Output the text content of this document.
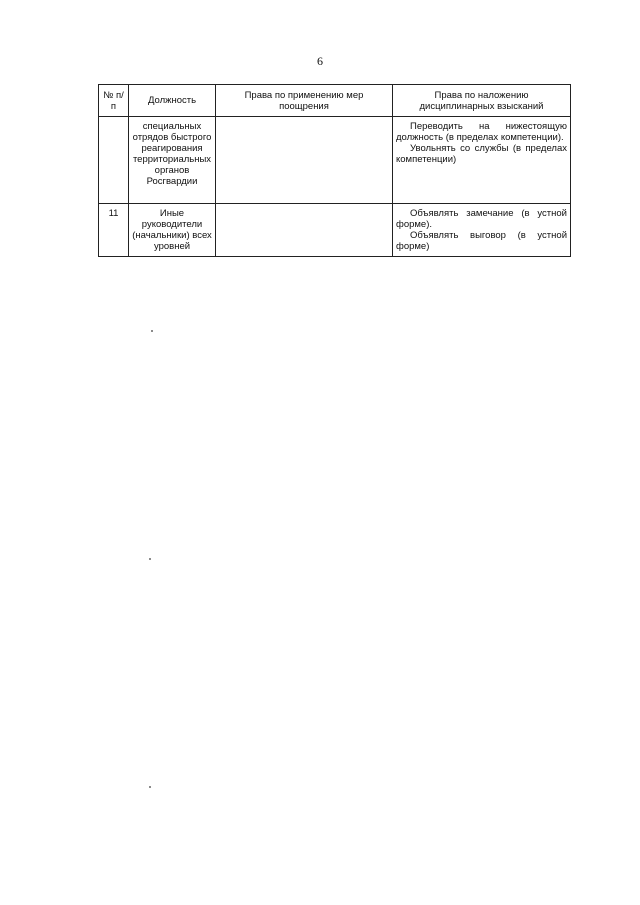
6
№ п/п	Должность	Права по применению мер поощрения	Права по наложению дисциплинарных взысканий
	специальных отрядов быстрого реагирования территориальных органов Росгвардии		Переводить на нижестоящую должность (в пределах компетенции).

Увольнять со службы (в пределах компетенции)

11	Иные руководители (начальники) всех уровней		Объявлять замечание (в устной форме).

Объявлять выговор (в устной форме)
